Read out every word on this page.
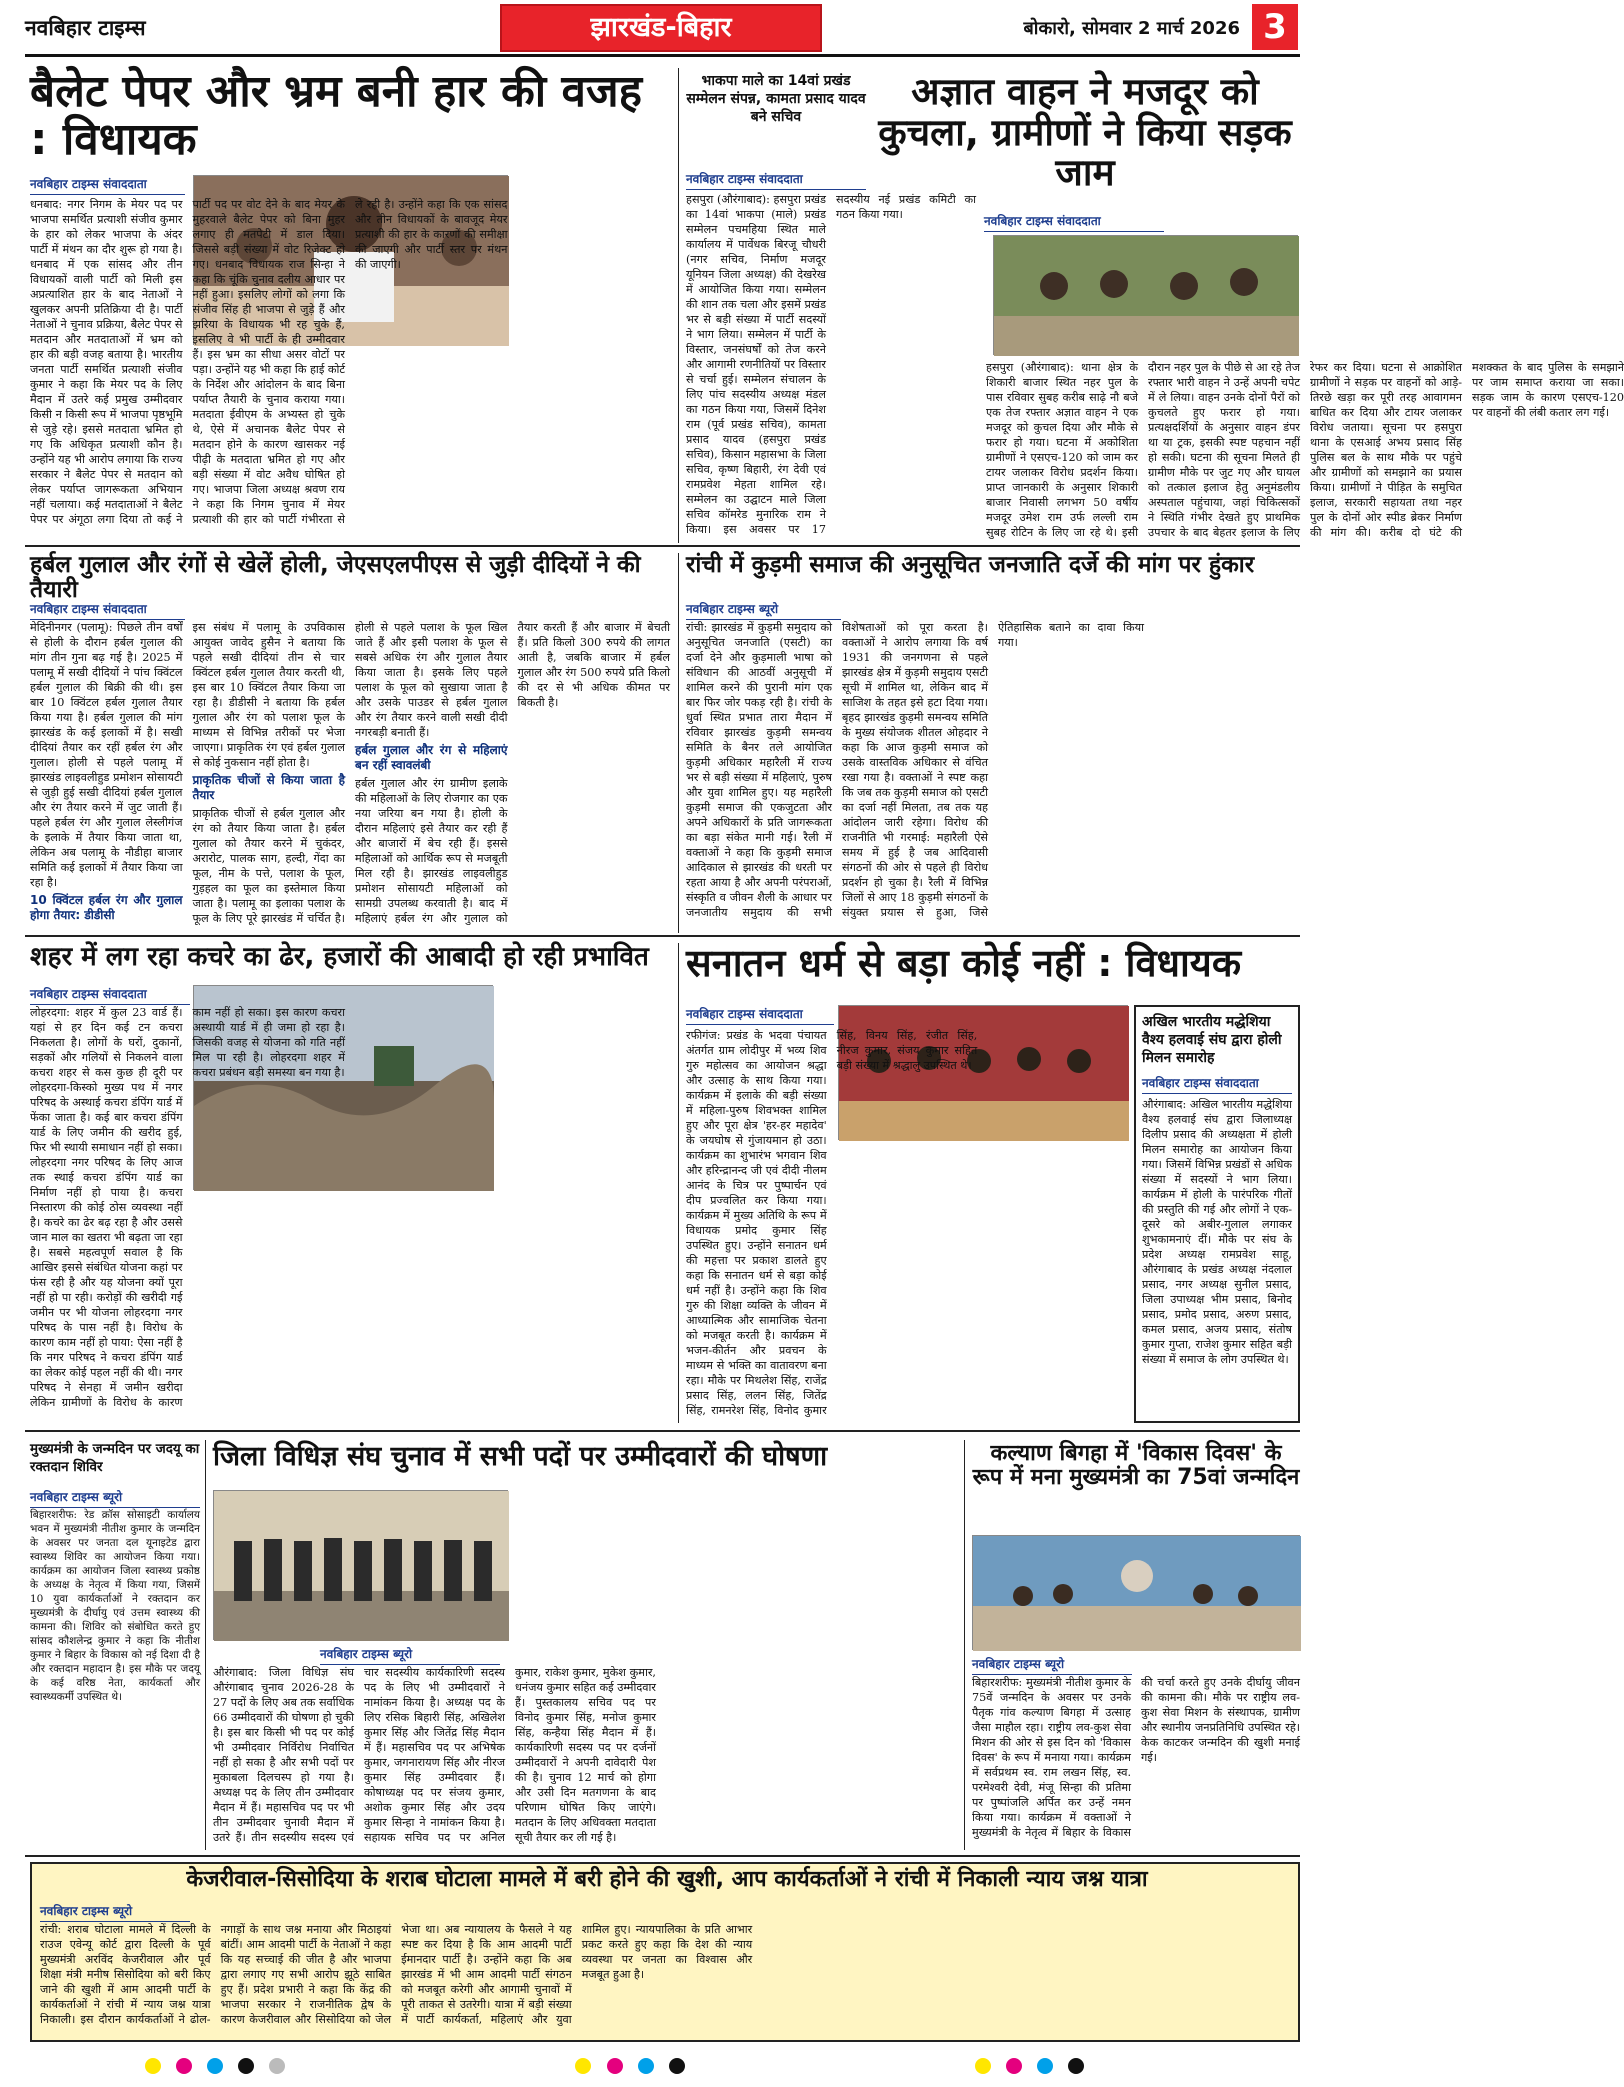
नवबिहार टाइम्स	झारखंड-बिहार	बोकारो, सोमवार 2 मार्च 2026 3
बैलेट पेपर और भ्रम बनी हार की वजह : विधायक
नवबिहार टाइम्स संवाददाता
धनबाद: नगर निगम के मेयर पद पर भाजपा समर्थित प्रत्याशी संजीव कुमार के हार को लेकर भाजपा के अंदर पार्टी में मंथन का दौर शुरू हो गया है। धनबाद में एक सांसद और तीन विधायकों वाली पार्टी को मिली इस अप्रत्याशित हार के बाद नेताओं ने खुलकर अपनी प्रतिक्रिया दी है। पार्टी नेताओं ने चुनाव प्रक्रिया, बैलेट पेपर से मतदान और मतदाताओं में भ्रम को हार की बड़ी वजह बताया है। भारतीय जनता पार्टी समर्थित प्रत्याशी संजीव कुमार ने कहा कि मेयर पद के लिए मैदान में उतरे कई प्रमुख उम्मीदवार किसी न किसी रूप में भाजपा पृष्ठभूमि से जुड़े रहे। इससे मतदाता भ्रमित हो गए कि अधिकृत प्रत्याशी कौन है। उन्होंने यह भी आरोप लगाया कि राज्य सरकार ने बैलेट पेपर से मतदान को लेकर पर्याप्त जागरूकता अभियान नहीं चलाया। कई मतदाताओं ने बैलेट पेपर पर अंगूठा लगा दिया तो कई ने पार्टी पद पर वोट देने के बाद मेयर के मुहरवाले बैलेट पेपर को बिना मुहर लगाए ही मतपेटी में डाल दिया। जिससे बड़ी संख्या में वोट रिजेक्ट हो गए। धनबाद विधायक राज सिन्हा ने कहा कि चूंकि चुनाव दलीय आधार पर नहीं हुआ। इसलिए लोगों को लगा कि संजीव सिंह ही भाजपा से जुड़े हैं और झरिया के विधायक भी रह चुके हैं, इसलिए वे भी पार्टी के ही उम्मीदवार हैं। इस भ्रम का सीधा असर वोटों पर पड़ा। उन्होंने यह भी कहा कि हाई कोर्ट के निर्देश और आंदोलन के बाद बिना पर्याप्त तैयारी के चुनाव कराया गया। मतदाता ईवीएम के अभ्यस्त हो चुके थे, ऐसे में अचानक बैलेट पेपर से मतदान होने के कारण खासकर नई पीढ़ी के मतदाता भ्रमित हो गए और बड़ी संख्या में वोट अवैध घोषित हो गए। भाजपा जिला अध्यक्ष श्रवण राय ने कहा कि निगम चुनाव में मेयर प्रत्याशी की हार को पार्टी गंभीरता से ले रही है। उन्होंने कहा कि एक सांसद और तीन विधायकों के बावजूद मेयर प्रत्याशी की हार के कारणों की समीक्षा की जाएगी और पार्टी स्तर पर मंथन की जाएगी।
भाकपा माले का 14वां प्रखंड सम्मेलन संपन्न, कामता प्रसाद यादव बने सचिव
नवबिहार टाइम्स संवाददाता
हसपुरा (औरंगाबाद): हसपुरा प्रखंड का 14वां भाकपा (माले) प्रखंड सम्मेलन पचमहिया स्थित माले कार्यालय में पार्वेधक बिरजू चौधरी (नगर सचिव, निर्माण मजदूर यूनियन जिला अध्यक्ष) की देखरेख में आयोजित किया गया। सम्मेलन की शान तक चला और इसमें प्रखंड भर से बड़ी संख्या में पार्टी सदस्यों ने भाग लिया। सम्मेलन में पार्टी के विस्तार, जनसंघर्षों को तेज करने और आगामी रणनीतियों पर विस्तार से चर्चा हुई। सम्मेलन संचालन के लिए पांच सदस्यीय अध्यक्ष मंडल का गठन किया गया, जिसमें दिनेश राम (पूर्व प्रखंड सचिव), कामता प्रसाद यादव (हसपुरा प्रखंड सचिव), किसान महासभा के जिला सचिव, कृष्ण बिहारी, रंग देवी एवं रामप्रवेश मेहता शामिल रहे। सम्मेलन का उद्घाटन माले जिला सचिव कॉमरेड मुनारिक राम ने किया। इस अवसर पर 17 सदस्यीय नई प्रखंड कमिटी का गठन किया गया।
अज्ञात वाहन ने मजदूर को कुचला, ग्रामीणों ने किया सड़क जाम
नवबिहार टाइम्स संवाददाता
हसपुरा (औरंगाबाद): थाना क्षेत्र के शिकारी बाजार स्थित नहर पुल के पास रविवार सुबह करीब साढ़े नौ बजे एक तेज रफ्तार अज्ञात वाहन ने एक मजदूर को कुचल दिया और मौके से फरार हो गया। घटना में अकोशिता ग्रामीणों ने एसएच-120 को जाम कर टायर जलाकर विरोध प्रदर्शन किया। प्राप्त जानकारी के अनुसार शिकारी बाजार निवासी लगभग 50 वर्षीय मजदूर उमेश राम उर्फ लल्ली राम सुबह रोटिन के लिए जा रहे थे। इसी दौरान नहर पुल के पीछे से आ रहे तेज रफ्तार भारी वाहन ने उन्हें अपनी चपेट में ले लिया। वाहन उनके दोनों पैरों को कुचलते हुए फरार हो गया। प्रत्यक्षदर्शियों के अनुसार वाहन डंपर था या ट्रक, इसकी स्पष्ट पहचान नहीं हो सकी। घटना की सूचना मिलते ही ग्रामीण मौके पर जुट गए और घायल को तत्काल इलाज हेतु अनुमंडलीय अस्पताल पहुंचाया, जहां चिकित्सकों ने स्थिति गंभीर देखते हुए प्राथमिक उपचार के बाद बेहतर इलाज के लिए रेफर कर दिया। घटना से आक्रोशित ग्रामीणों ने सड़क पर वाहनों को आड़े-तिरछे खड़ा कर पूरी तरह आवागमन बाधित कर दिया और टायर जलाकर विरोध जताया। सूचना पर हसपुरा थाना के एसआई अभय प्रसाद सिंह पुलिस बल के साथ मौके पर पहुंचे और ग्रामीणों को समझाने का प्रयास किया। ग्रामीणों ने पीड़ित के समुचित इलाज, सरकारी सहायता तथा नहर पुल के दोनों ओर स्पीड ब्रेकर निर्माण की मांग की। करीब दो घंटे की मशक्कत के बाद पुलिस के समझाने पर जाम समाप्त कराया जा सका। सड़क जाम के कारण एसएच-120 पर वाहनों की लंबी कतार लग गई।
हर्बल गुलाल और रंगों से खेलें होली, जेएसएलपीएस से जुड़ी दीदियों ने की तैयारी
नवबिहार टाइम्स संवाददाता
मेदिनीनगर (पलामू): पिछले तीन वर्षों से होली के दौरान हर्बल गुलाल की मांग तीन गुना बढ़ गई है। 2025 में पलामू में सखी दीदियों ने पांच क्विंटल हर्बल गुलाल की बिक्री की थी। इस बार 10 क्विंटल हर्बल गुलाल तैयार किया गया है। हर्बल गुलाल की मांग झारखंड के कई इलाकों में है। सखी दीदियां तैयार कर रहीं हर्बल रंग और गुलाल। होली से पहले पलामू में झारखंड लाइवलीहुड प्रमोशन सोसायटी से जुड़ी हुई सखी दीदियां हर्बल गुलाल और रंग तैयार करने में जुट जाती हैं। पहले हर्बल रंग और गुलाल लेस्लीगंज के इलाके में तैयार किया जाता था, लेकिन अब पलामू के नौडीहा बाजार समिति कई इलाकों में तैयार किया जा रहा है।
10 क्विंटल हर्बल रंग और गुलाल होगा तैयार: डीडीसी
इस संबंध में पलामू के उपविकास आयुक्त जावेद हुसैन ने बताया कि पहले सखी दीदियां तीन से चार क्विंटल हर्बल गुलाल तैयार करती थी, इस बार 10 क्विंटल तैयार किया जा रहा है। डीडीसी ने बताया कि हर्बल गुलाल और रंग को पलाश फूल के माध्यम से विभिन्न तरीकों पर भेजा जाएगा। प्राकृतिक रंग एवं हर्बल गुलाल से कोई नुकसान नहीं होता है।
प्राकृतिक चीजों से किया जाता है तैयार
प्राकृतिक चीजों से हर्बल गुलाल और रंग को तैयार किया जाता है। हर्बल गुलाल को तैयार करने में चुकंदर, अरारोट, पालक साग, हल्दी, गेंदा का फूल, नीम के पत्ते, पलाश के फूल, गुड़हल का फूल का इस्तेमाल किया जाता है। पलामू का इलाका पलाश के फूल के लिए पूरे झारखंड में चर्चित है। होली से पहले पलाश के फूल खिल जाते हैं और इसी पलाश के फूल से सबसे अधिक रंग और गुलाल तैयार किया जाता है। इसके लिए पहले पलाश के फूल को सुखाया जाता है और उसके पाउडर से हर्बल गुलाल और रंग तैयार करने वाली सखी दीदी नगरबड़ी बनाती हैं।
हर्बल गुलाल और रंग से महिलाएं बन रहीं स्वावलंबी
हर्बल गुलाल और रंग ग्रामीण इलाके की महिलाओं के लिए रोजगार का एक नया जरिया बन गया है। होली के दौरान महिलाएं इसे तैयार कर रही हैं और बाजारों में बेच रही हैं। इससे महिलाओं को आर्थिक रूप से मजबूती मिल रही है। झारखंड लाइवलीहुड प्रमोशन सोसायटी महिलाओं को सामग्री उपलब्ध करवाती है। बाद में महिलाएं हर्बल रंग और गुलाल को तैयार करती हैं और बाजार में बेचती हैं। प्रति किलो 300 रुपये की लागत आती है, जबकि बाजार में हर्बल गुलाल और रंग 500 रुपये प्रति किलो की दर से भी अधिक कीमत पर बिकती है।
रांची में कुड़मी समाज की अनुसूचित जनजाति दर्जे की मांग पर हुंकार
नवबिहार टाइम्स ब्यूरो
रांची: झारखंड में कुड़मी समुदाय को अनुसूचित जनजाति (एसटी) का दर्जा देने और कुड़माली भाषा को संविधान की आठवीं अनुसूची में शामिल करने की पुरानी मांग एक बार फिर जोर पकड़ रही है। रांची के धुर्वा स्थित प्रभात तारा मैदान में रविवार झारखंड कुड़मी समन्वय समिति के बैनर तले आयोजित कुड़मी अधिकार महारैली में राज्य भर से बड़ी संख्या में महिलाएं, पुरुष और युवा शामिल हुए। यह महारैली कुड़मी समाज की एकजुटता और अपने अधिकारों के प्रति जागरूकता का बड़ा संकेत मानी गई। रैली में वक्ताओं ने कहा कि कुड़मी समाज आदिकाल से झारखंड की धरती पर रहता आया है और अपनी परंपराओं, संस्कृति व जीवन शैली के आधार पर जनजातीय समुदाय की सभी विशेषताओं को पूरा करता है। वक्ताओं ने आरोप लगाया कि वर्ष 1931 की जनगणना से पहले झारखंड क्षेत्र में कुड़मी समुदाय एसटी सूची में शामिल था, लेकिन बाद में साजिश के तहत इसे हटा दिया गया। बृहद झारखंड कुड़मी समन्वय समिति के मुख्य संयोजक शीतल ओहदार ने कहा कि आज कुड़मी समाज को उसके वास्तविक अधिकार से वंचित रखा गया है। वक्ताओं ने स्पष्ट कहा कि जब तक कुड़मी समाज को एसटी का दर्जा नहीं मिलता, तब तक यह आंदोलन जारी रहेगा। विरोध की राजनीति भी गरमाई: महारैली ऐसे समय में हुई है जब आदिवासी संगठनों की ओर से पहले ही विरोध प्रदर्शन हो चुका है। रैली में विभिन्न जिलों से आए 18 कुड़मी संगठनों के संयुक्त प्रयास से हुआ, जिसे ऐतिहासिक बताने का दावा किया गया।
शहर में लग रहा कचरे का ढेर, हजारों की आबादी हो रही प्रभावित
नवबिहार टाइम्स संवाददाता
लोहरदगा: शहर में कुल 23 वार्ड हैं। यहां से हर दिन कई टन कचरा निकलता है। लोगों के घरों, दुकानों, सड़कों और गलियों से निकलने वाला कचरा शहर से कस कुछ ही दूरी पर लोहरदगा-किस्को मुख्य पथ में नगर परिषद के अस्थाई कचरा डंपिंग यार्ड में फेंका जाता है। कई बार कचरा डंपिंग यार्ड के लिए जमीन की खरीद हुई, फिर भी स्थायी समाधान नहीं हो सका। लोहरदगा नगर परिषद के लिए आज तक स्थाई कचरा डंपिंग यार्ड का निर्माण नहीं हो पाया है। कचरा निस्तारण की कोई ठोस व्यवस्था नहीं है। कचरे का ढेर बढ़ रहा है और उससे जान माल का खतरा भी बढ़ता जा रहा है। सबसे महत्वपूर्ण सवाल है कि आखिर इससे संबंधित योजना कहां पर फंस रही है और यह योजना क्यों पूरा नहीं हो पा रही। करोड़ों की खरीदी गई जमीन पर भी योजना लोहरदगा नगर परिषद के पास नहीं है। विरोध के कारण काम नहीं हो पाया: ऐसा नहीं है कि नगर परिषद ने कचरा डंपिंग यार्ड का लेकर कोई पहल नहीं की थी। नगर परिषद ने सेनहा में जमीन खरीदा लेकिन ग्रामीणों के विरोध के कारण काम नहीं हो सका। इस कारण कचरा अस्थायी यार्ड में ही जमा हो रहा है। जिसकी वजह से योजना को गति नहीं मिल पा रही है। लोहरदगा शहर में कचरा प्रबंधन बड़ी समस्या बन गया है।
सनातन धर्म से बड़ा कोई नहीं : विधायक
नवबिहार टाइम्स संवाददाता
रफीगंज: प्रखंड के भदवा पंचायत अंतर्गत ग्राम लोदीपुर में भव्य शिव गुरु महोत्सव का आयोजन श्रद्धा और उत्साह के साथ किया गया। कार्यक्रम में इलाके की बड़ी संख्या में महिला-पुरुष शिवभक्त शामिल हुए और पूरा क्षेत्र 'हर-हर महादेव' के जयघोष से गुंजायमान हो उठा। कार्यक्रम का शुभारंभ भगवान शिव और हरिन्द्रानन्द जी एवं दीदी नीलम आनंद के चित्र पर पुष्पार्चन एवं दीप प्रज्वलित कर किया गया। कार्यक्रम में मुख्य अतिथि के रूप में विधायक प्रमोद कुमार सिंह उपस्थित हुए। उन्होंने सनातन धर्म की महत्ता पर प्रकाश डालते हुए कहा कि सनातन धर्म से बड़ा कोई धर्म नहीं है। उन्होंने कहा कि शिव गुरु की शिक्षा व्यक्ति के जीवन में आध्यात्मिक और सामाजिक चेतना को मजबूत करती है। कार्यक्रम में भजन-कीर्तन और प्रवचन के माध्यम से भक्ति का वातावरण बना रहा। मौके पर मिथलेश सिंह, राजेंद्र प्रसाद सिंह, ललन सिंह, जितेंद्र सिंह, रामनरेश सिंह, विनोद कुमार सिंह, विनय सिंह, रंजीत सिंह, नीरज कुमार, संजय कुमार सहित बड़ी संख्या में श्रद्धालु उपस्थित थे।
अखिल भारतीय मद्धेशिया वैश्य हलवाई संघ द्वारा होली मिलन समारोह
नवबिहार टाइम्स संवाददाता
औरंगाबाद: अखिल भारतीय मद्धेशिया वैश्य हलवाई संघ द्वारा जिलाध्यक्ष दिलीप प्रसाद की अध्यक्षता में होली मिलन समारोह का आयोजन किया गया। जिसमें विभिन्न प्रखंडों से अधिक संख्या में सदस्यों ने भाग लिया। कार्यक्रम में होली के पारंपरिक गीतों की प्रस्तुति की गई और लोगों ने एक-दूसरे को अबीर-गुलाल लगाकर शुभकामनाएं दीं। मौके पर संघ के प्रदेश अध्यक्ष रामप्रवेश साहू, औरंगाबाद के प्रखंड अध्यक्ष नंदलाल प्रसाद, नगर अध्यक्ष सुनील प्रसाद, जिला उपाध्यक्ष भीम प्रसाद, बिनोद प्रसाद, प्रमोद प्रसाद, अरुण प्रसाद, कमल प्रसाद, अजय प्रसाद, संतोष कुमार गुप्ता, राजेश कुमार सहित बड़ी संख्या में समाज के लोग उपस्थित थे।
मुख्यमंत्री के जन्मदिन पर जदयू का रक्तदान शिविर
नवबिहार टाइम्स ब्यूरो
बिहारशरीफ: रेड क्रॉस सोसाइटी कार्यालय भवन में मुख्यमंत्री नीतीश कुमार के जन्मदिन के अवसर पर जनता दल यूनाइटेड द्वारा स्वास्थ्य शिविर का आयोजन किया गया। कार्यक्रम का आयोजन जिला स्वास्थ्य प्रकोष्ठ के अध्यक्ष के नेतृत्व में किया गया, जिसमें 10 युवा कार्यकर्ताओं ने रक्तदान कर मुख्यमंत्री के दीर्घायु एवं उत्तम स्वास्थ्य की कामना की। शिविर को संबोधित करते हुए सांसद कौशलेन्द्र कुमार ने कहा कि नीतीश कुमार ने बिहार के विकास को नई दिशा दी है और रक्तदान महादान है। इस मौके पर जदयू के कई वरिष्ठ नेता, कार्यकर्ता और स्वास्थ्यकर्मी उपस्थित थे।
जिला विधिज्ञ संघ चुनाव में सभी पदों पर उम्मीदवारों की घोषणा
नवबिहार टाइम्स ब्यूरो
औरंगाबाद: जिला विधिज्ञ संघ औरंगाबाद चुनाव 2026-28 के 27 पदों के लिए अब तक सर्वाधिक 66 उम्मीदवारों की घोषणा हो चुकी है। इस बार किसी भी पद पर कोई भी उम्मीदवार निर्विरोध निर्वाचित नहीं हो सका है और सभी पदों पर मुकाबला दिलचस्प हो गया है। अध्यक्ष पद के लिए तीन उम्मीदवार मैदान में हैं। महासचिव पद पर भी तीन उम्मीदवार चुनावी मैदान में उतरे हैं। तीन सदस्यीय सदस्य एवं चार सदस्यीय कार्यकारिणी सदस्य पद के लिए भी उम्मीदवारों ने नामांकन किया है। अध्यक्ष पद के लिए रसिक बिहारी सिंह, अखिलेश कुमार सिंह और जितेंद्र सिंह मैदान में हैं। महासचिव पद पर अभिषेक कुमार, जगनारायण सिंह और नीरज कुमार सिंह उम्मीदवार हैं। कोषाध्यक्ष पद पर संजय कुमार, अशोक कुमार सिंह और उदय कुमार सिन्हा ने नामांकन किया है। सहायक सचिव पद पर अनिल कुमार, राकेश कुमार, मुकेश कुमार, धनंजय कुमार सहित कई उम्मीदवार हैं। पुस्तकालय सचिव पद पर विनोद कुमार सिंह, मनोज कुमार सिंह, कन्हैया सिंह मैदान में हैं। कार्यकारिणी सदस्य पद पर दर्जनों उम्मीदवारों ने अपनी दावेदारी पेश की है। चुनाव 12 मार्च को होगा और उसी दिन मतगणना के बाद परिणाम घोषित किए जाएंगे। मतदान के लिए अधिवक्ता मतदाता सूची तैयार कर ली गई है।
कल्याण बिगहा में 'विकास दिवस' के रूप में मना मुख्यमंत्री का 75वां जन्मदिन
नवबिहार टाइम्स ब्यूरो
बिहारशरीफ: मुख्यमंत्री नीतीश कुमार के 75वें जन्मदिन के अवसर पर उनके पैतृक गांव कल्याण बिगहा में उत्साह जैसा माहौल रहा। राष्ट्रीय लव-कुश सेवा मिशन की ओर से इस दिन को 'विकास दिवस' के रूप में मनाया गया। कार्यक्रम में सर्वप्रथम स्व. राम लखन सिंह, स्व. परमेश्वरी देवी, मंजू सिन्हा की प्रतिमा पर पुष्पांजलि अर्पित कर उन्हें नमन किया गया। कार्यक्रम में वक्ताओं ने मुख्यमंत्री के नेतृत्व में बिहार के विकास की चर्चा करते हुए उनके दीर्घायु जीवन की कामना की। मौके पर राष्ट्रीय लव-कुश सेवा मिशन के संस्थापक, ग्रामीण और स्थानीय जनप्रतिनिधि उपस्थित रहे। केक काटकर जन्मदिन की खुशी मनाई गई।
केजरीवाल-सिसोदिया के शराब घोटाला मामले में बरी होने की खुशी, आप कार्यकर्ताओं ने रांची में निकाली न्याय जश्न यात्रा
नवबिहार टाइम्स ब्यूरो
रांची: शराब घोटाला मामले में दिल्ली के राउज एवेन्यू कोर्ट द्वारा दिल्ली के पूर्व मुख्यमंत्री अरविंद केजरीवाल और पूर्व शिक्षा मंत्री मनीष सिसोदिया को बरी किए जाने की खुशी में आम आदमी पार्टी के कार्यकर्ताओं ने रांची में न्याय जश्न यात्रा निकाली। इस दौरान कार्यकर्ताओं ने ढोल-नगाड़ों के साथ जश्न मनाया और मिठाइयां बांटीं। आम आदमी पार्टी के नेताओं ने कहा कि यह सच्चाई की जीत है और भाजपा द्वारा लगाए गए सभी आरोप झूठे साबित हुए हैं। प्रदेश प्रभारी ने कहा कि केंद्र की भाजपा सरकार ने राजनीतिक द्वेष के कारण केजरीवाल और सिसोदिया को जेल भेजा था। अब न्यायालय के फैसले ने यह स्पष्ट कर दिया है कि आम आदमी पार्टी ईमानदार पार्टी है। उन्होंने कहा कि अब झारखंड में भी आम आदमी पार्टी संगठन को मजबूत करेगी और आगामी चुनावों में पूरी ताकत से उतरेगी। यात्रा में बड़ी संख्या में पार्टी कार्यकर्ता, महिलाएं और युवा शामिल हुए। न्यायपालिका के प्रति आभार प्रकट करते हुए कहा कि देश की न्याय व्यवस्था पर जनता का विश्वास और मजबूत हुआ है।
